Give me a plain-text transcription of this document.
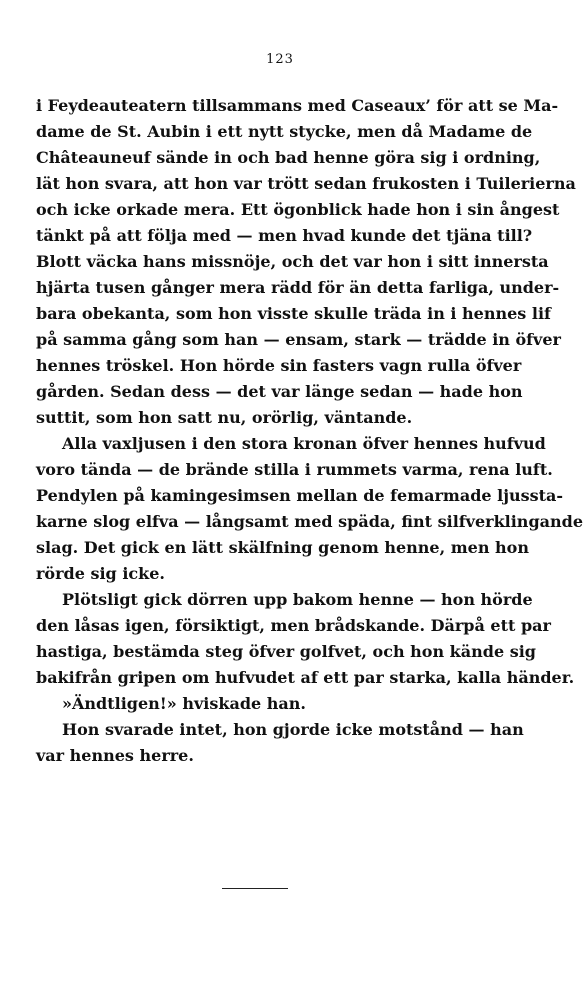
123
i Feydeauteatern tillsammans med Caseaux’ för att se Ma-
dame de St. Aubin i ett nytt stycke, men då Madame de
Châteauneuf sände in och bad henne göra sig i ordning,
lät hon svara, att hon var trött sedan frukosten i Tuilerierna
och icke orkade mera. Ett ögonblick hade hon i sin ångest
tänkt på att följa med — men hvad kunde det tjäna till?
Blott väcka hans missnöje, och det var hon i sitt innersta
hjärta tusen gånger mera rädd för än detta farliga, under-
bara obekanta, som hon visste skulle träda in i hennes lif
på samma gång som han — ensam, stark — trädde in öfver
hennes tröskel. Hon hörde sin fasters vagn rulla öfver
gården. Sedan dess — det var länge sedan — hade hon
suttit, som hon satt nu, orörlig, väntande.
Alla vaxljusen i den stora kronan öfver hennes hufvud
voro tända — de brände stilla i rummets varma, rena luft.
Pendylen på kamingesimsen mellan de femarmade ljussta-
karne slog elfva — långsamt med späda, fint silfverklingande
slag. Det gick en lätt skälfning genom henne, men hon
rörde sig icke.
Plötsligt gick dörren upp bakom henne — hon hörde
den låsas igen, försiktigt, men brådskande. Därpå ett par
hastiga, bestämda steg öfver golfvet, och hon kände sig
bakifrån gripen om hufvudet af ett par starka, kalla händer.
»Ändtligen!» hviskade han.
Hon svarade intet, hon gjorde icke motstånd — han
var hennes herre.
